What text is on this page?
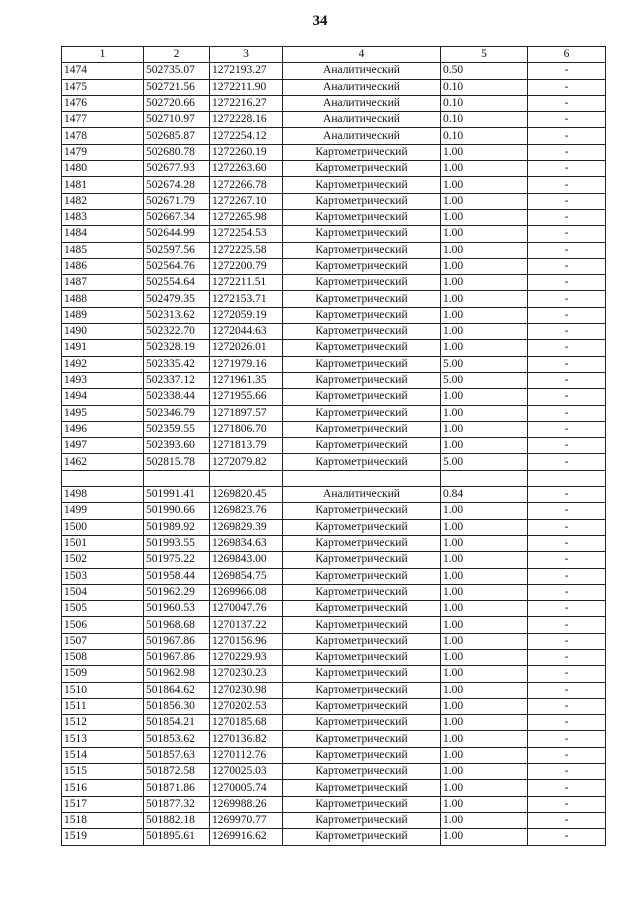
34
1	2	3	4	5	6
1474	502735.07	1272193.27	Аналитический	0.50	-
1475	502721.56	1272211.90	Аналитический	0.10	-
1476	502720.66	1272216.27	Аналитический	0.10	-
1477	502710.97	1272228.16	Аналитический	0.10	-
1478	502685.87	1272254.12	Аналитический	0.10	-
1479	502680.78	1272260.19	Картометрический	1.00	-
1480	502677.93	1272263.60	Картометрический	1.00	-
1481	502674.28	1272266.78	Картометрический	1.00	-
1482	502671.79	1272267.10	Картометрический	1.00	-
1483	502667.34	1272265.98	Картометрический	1.00	-
1484	502644.99	1272254.53	Картометрический	1.00	-
1485	502597.56	1272225.58	Картометрический	1.00	-
1486	502564.76	1272200.79	Картометрический	1.00	-
1487	502554.64	1272211.51	Картометрический	1.00	-
1488	502479.35	1272153.71	Картометрический	1.00	-
1489	502313.62	1272059.19	Картометрический	1.00	-
1490	502322.70	1272044.63	Картометрический	1.00	-
1491	502328.19	1272026.01	Картометрический	1.00	-
1492	502335.42	1271979.16	Картометрический	5.00	-
1493	502337.12	1271961.35	Картометрический	5.00	-
1494	502338.44	1271955.66	Картометрический	1.00	-
1495	502346.79	1271897.57	Картометрический	1.00	-
1496	502359.55	1271806.70	Картометрический	1.00	-
1497	502393.60	1271813.79	Картометрический	1.00	-
1462	502815.78	1272079.82	Картометрический	5.00	-

1498	501991.41	1269820.45	Аналитический	0.84	-
1499	501990.66	1269823.76	Картометрический	1.00	-
1500	501989.92	1269829.39	Картометрический	1.00	-
1501	501993.55	1269834.63	Картометрический	1.00	-
1502	501975.22	1269843.00	Картометрический	1.00	-
1503	501958.44	1269854.75	Картометрический	1.00	-
1504	501962.29	1269966.08	Картометрический	1.00	-
1505	501960.53	1270047.76	Картометрический	1.00	-
1506	501968.68	1270137.22	Картометрический	1.00	-
1507	501967.86	1270156.96	Картометрический	1.00	-
1508	501967.86	1270229.93	Картометрический	1.00	-
1509	501962.98	1270230.23	Картометрический	1.00	-
1510	501864.62	1270230.98	Картометрический	1.00	-
1511	501856.30	1270202.53	Картометрический	1.00	-
1512	501854.21	1270185.68	Картометрический	1.00	-
1513	501853.62	1270136.82	Картометрический	1.00	-
1514	501857.63	1270112.76	Картометрический	1.00	-
1515	501872.58	1270025.03	Картометрический	1.00	-
1516	501871.86	1270005.74	Картометрический	1.00	-
1517	501877.32	1269988.26	Картометрический	1.00	-
1518	501882.18	1269970.77	Картометрический	1.00	-
1519	501895.61	1269916.62	Картометрический	1.00	-
